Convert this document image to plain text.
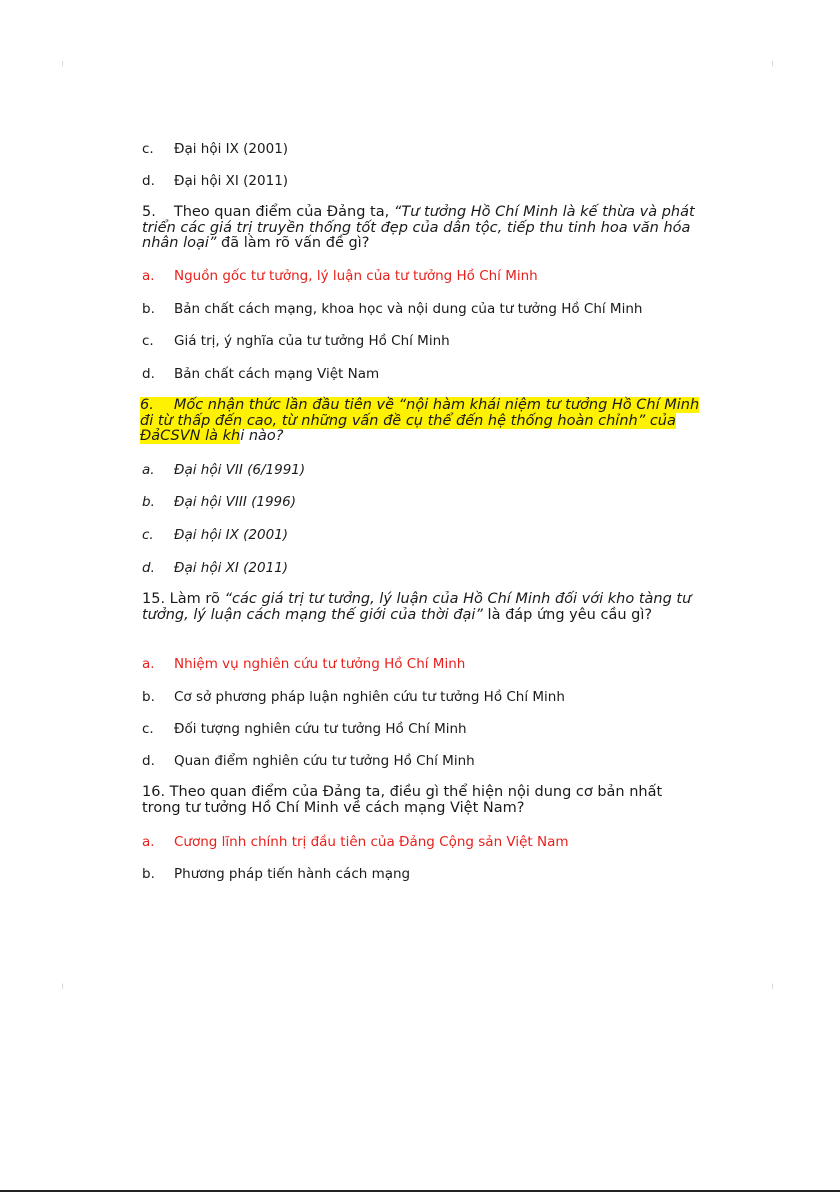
╷	╷
╵	╵
c. Đại hội IX (2001)
d. Đại hội XI (2011)
5. Theo quan điểm của Đảng ta, “Tư tưởng Hồ Chí Minh là kế thừa và phát triển các giá trị truyền thống tốt đẹp của dân tộc, tiếp thu tinh hoa văn hóa nhân loại” đã làm rõ vấn đề gì?
a. Nguồn gốc tư tưởng, lý luận của tư tưởng Hồ Chí Minh
b. Bản chất cách mạng, khoa học và nội dung của tư tưởng Hồ Chí Minh
c. Giá trị, ý nghĩa của tư tưởng Hồ Chí Minh
d. Bản chất cách mạng Việt Nam
6. Mốc nhận thức lần đầu tiên về “nội hàm khái niệm tư tưởng Hồ Chí Minh đi từ thấp đến cao, từ những vấn đề cụ thể đến hệ thống hoàn chỉnh” của ĐảCSVN là khi nào?
a. Đại hội VII (6/1991)
b. Đại hội VIII (1996)
c. Đại hội IX (2001)
d. Đại hội XI (2011)
15. Làm rõ “các giá trị tư tưởng, lý luận của Hồ Chí Minh đối với kho tàng tư tưởng, lý luận cách mạng thế giới của thời đại” là đáp ứng yêu cầu gì?
a. Nhiệm vụ nghiên cứu tư tưởng Hồ Chí Minh
b. Cơ sở phương pháp luận nghiên cứu tư tưởng Hồ Chí Minh
c. Đối tượng nghiên cứu tư tưởng Hồ Chí Minh
d. Quan điểm nghiên cứu tư tưởng Hồ Chí Minh
16. Theo quan điểm của Đảng ta, điều gì thể hiện nội dung cơ bản nhất trong tư tưởng Hồ Chí Minh về cách mạng Việt Nam?
a. Cương lĩnh chính trị đầu tiên của Đảng Cộng sản Việt Nam
b. Phương pháp tiến hành cách mạng
